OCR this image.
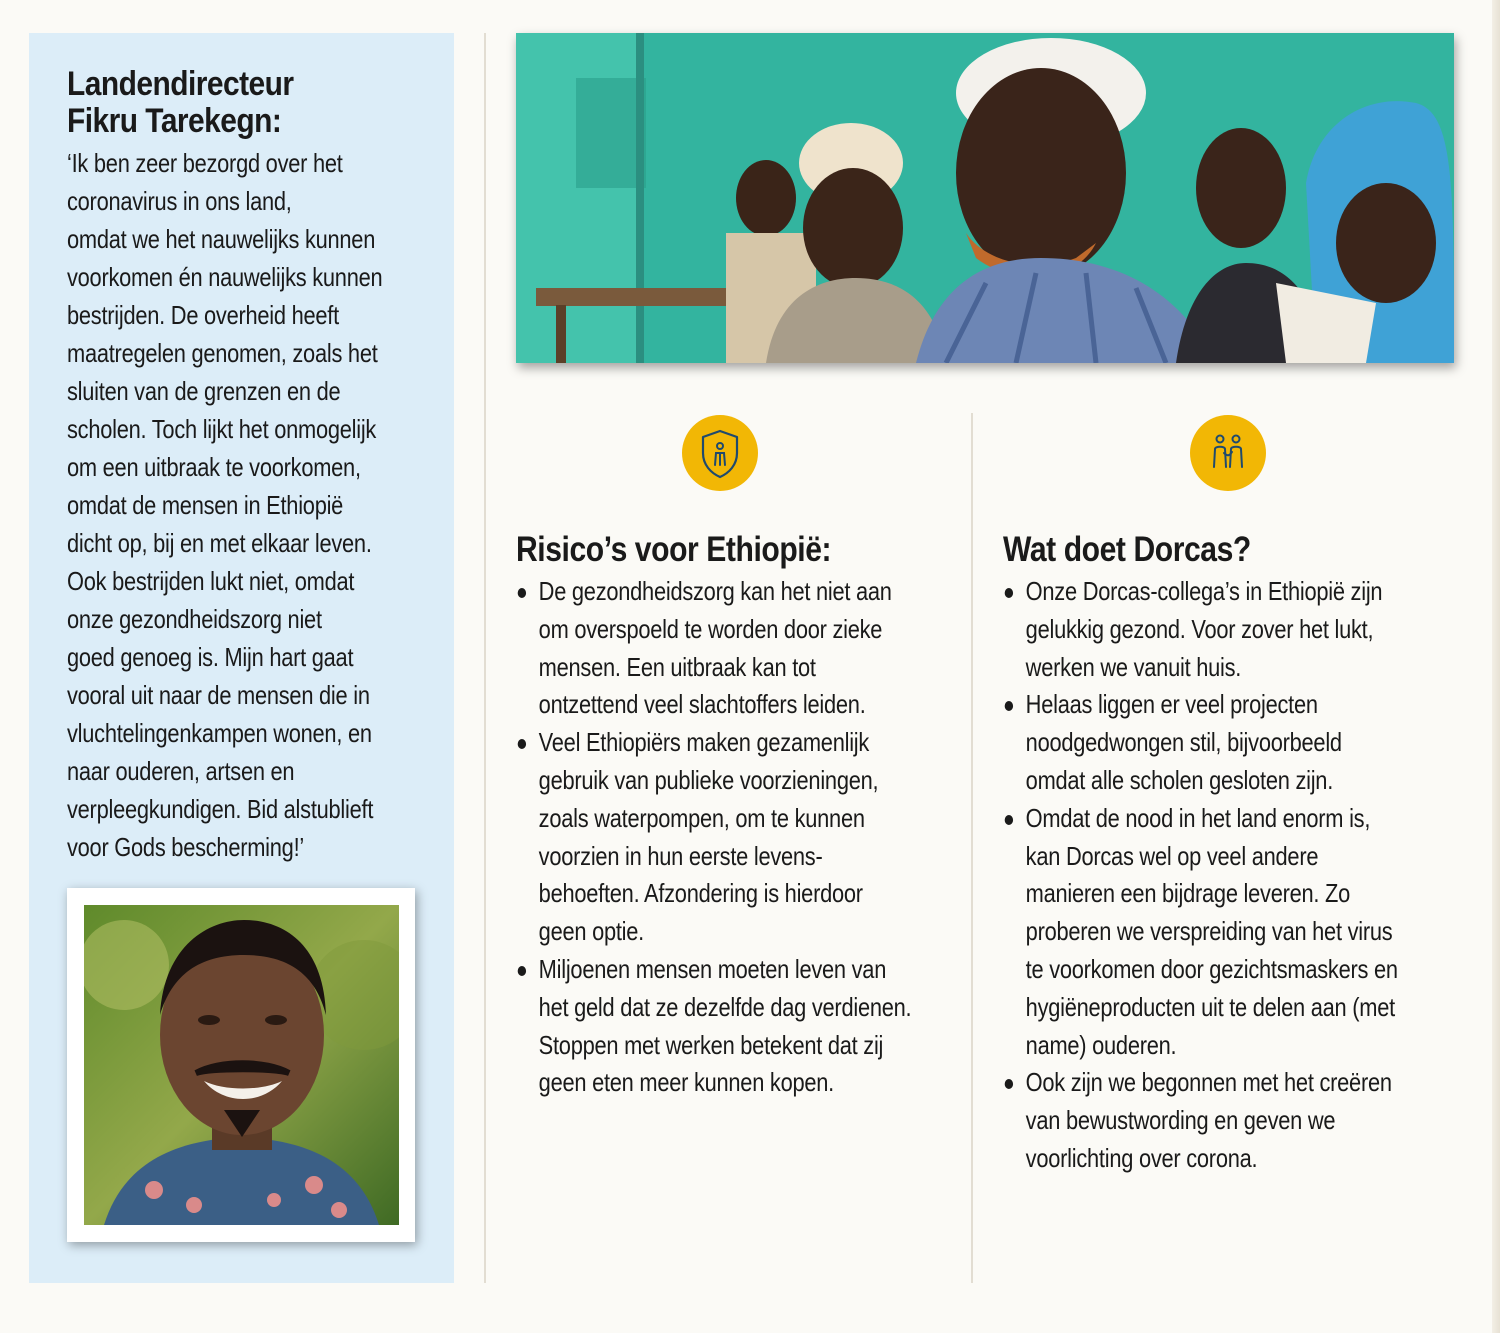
Landendirecteur
Fikru Tarekegn:

‘Ik ben zeer bezorgd over het
coronavirus in ons land,
omdat we het nauwelijks kunnen
voorkomen én nauwelijks kunnen
bestrijden. De overheid heeft
maatregelen genomen, zoals het
sluiten van de grenzen en de
scholen. Toch lijkt het onmogelijk
om een uitbraak te voorkomen,
omdat de mensen in Ethiopië
dicht op, bij en met elkaar leven.
Ook bestrijden lukt niet, omdat
onze gezondheidszorg niet
goed genoeg is. Mijn hart gaat
vooral uit naar de mensen die in
vluchtelingenkampen wonen, en
naar ouderen, artsen en
verpleegkundigen. Bid alstublieft
voor Gods bescherming!’

Risico’s voor Ethiopië:
De gezondheidszorg kan het niet aan
om overspoeld te worden door zieke
mensen. Een uitbraak kan tot
ontzettend veel slachtoffers leiden.
Veel Ethiopiërs maken gezamenlijk
gebruik van publieke voorzieningen,
zoals waterpompen, om te kunnen
voorzien in hun eerste levens-
behoeften. Afzondering is hierdoor
geen optie.
Miljoenen mensen moeten leven van
het geld dat ze dezelfde dag verdienen.
Stoppen met werken betekent dat zij
geen eten meer kunnen kopen.
Wat doet Dorcas?
Onze Dorcas-collega’s in Ethiopië zijn
gelukkig gezond. Voor zover het lukt,
werken we vanuit huis.
Helaas liggen er veel projecten
noodgedwongen stil, bijvoorbeeld
omdat alle scholen gesloten zijn.
Omdat de nood in het land enorm is,
kan Dorcas wel op veel andere
manieren een bijdrage leveren. Zo
proberen we verspreiding van het virus
te voorkomen door gezichtsmaskers en
hygiëneproducten uit te delen aan (met
name) ouderen.
Ook zijn we begonnen met het creëren
van bewustwording en geven we
voorlichting over corona.
